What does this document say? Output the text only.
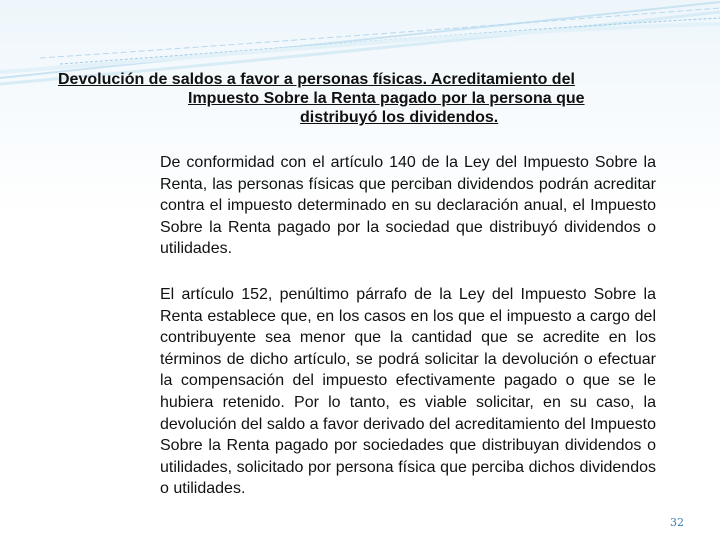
Devolución de saldos a favor a personas físicas. Acreditamiento del
Impuesto Sobre la Renta pagado por la persona que
distribuyó los dividendos.
De conformidad con el artículo 140 de la Ley del Impuesto Sobre la Renta, las personas físicas que perciban dividendos podrán acreditar contra el impuesto determinado en su declaración anual, el Impuesto Sobre la Renta pagado por la sociedad que distribuyó dividendos o utilidades.
El artículo 152, penúltimo párrafo de la Ley del Impuesto Sobre la Renta establece que, en los casos en los que el impuesto a cargo del contribuyente sea menor que la cantidad que se acredite en los términos de dicho artículo, se podrá solicitar la devolución o efectuar la compensación del impuesto efectivamente pagado o que se le hubiera retenido. Por lo tanto, es viable solicitar, en su caso, la devolución del saldo a favor derivado del acreditamiento del Impuesto Sobre la Renta pagado por sociedades que distribuyan dividendos o utilidades, solicitado por persona física que perciba dichos dividendos o utilidades.
32
